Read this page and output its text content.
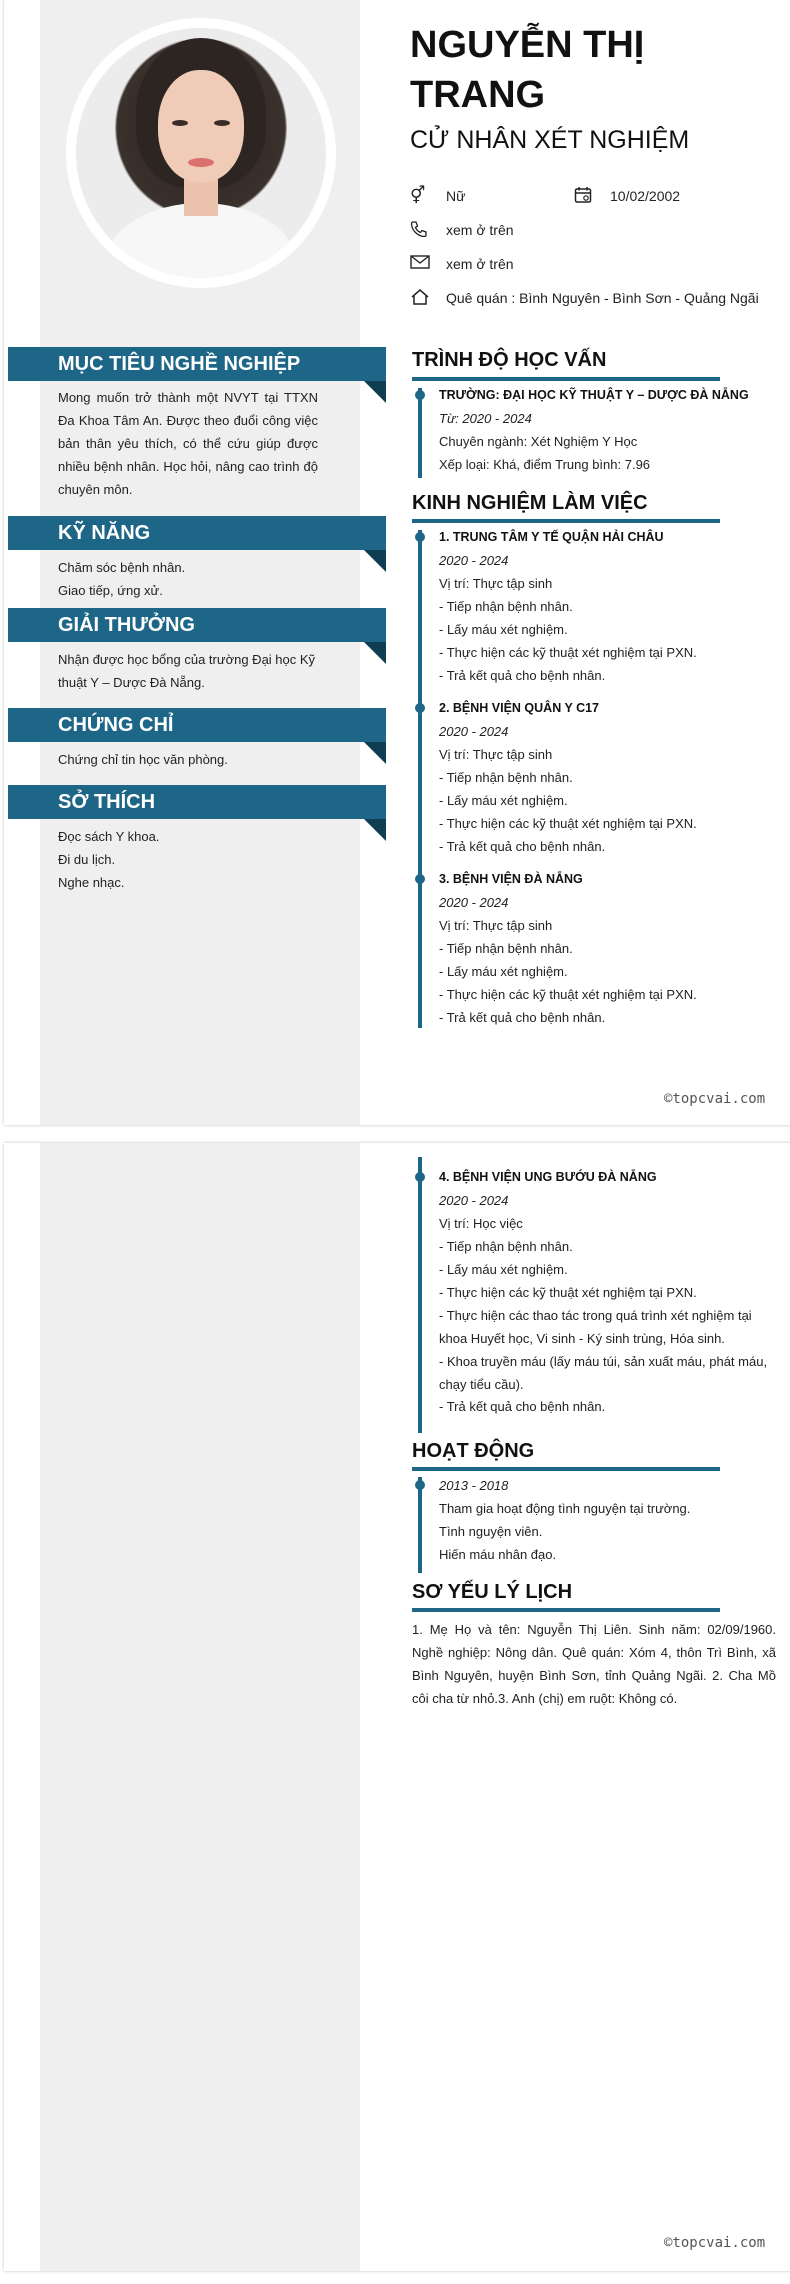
NGUYỄN THỊ TRANG
CỬ NHÂN XÉT NGHIỆM
⚥	Nữ	10/02/2002
xem ở trên
xem ở trên
Quê quán : Bình Nguyên - Bình Sơn - Quảng Ngãi
MỤC TIÊU NGHỀ NGHIỆP
Mong muốn trở thành một NVYT tại TTXN Đa Khoa Tâm An. Được theo đuổi công việc bản thân yêu thích, có thể cứu giúp được nhiều bệnh nhân. Học hỏi, nâng cao trình độ chuyên môn.
KỸ NĂNG
Chăm sóc bệnh nhân.
Giao tiếp, ứng xử.
GIẢI THƯỞNG
Nhận được học bổng của trường Đại học Kỹ thuật Y – Dược Đà Nẵng.
CHỨNG CHỈ
Chứng chỉ tin học văn phòng.
SỞ THÍCH
Đọc sách Y khoa.
Đi du lịch.
Nghe nhạc.
TRÌNH ĐỘ HỌC VẤN
TRƯỜNG: ĐẠI HỌC KỸ THUẬT Y – DƯỢC ĐÀ NẴNG
Từ: 2020 - 2024
Chuyên ngành: Xét Nghiệm Y Học
Xếp loại: Khá, điểm Trung bình: 7.96
KINH NGHIỆM LÀM VIỆC
1. TRUNG TÂM Y TẾ QUẬN HẢI CHÂU
2020 - 2024
Vị trí: Thực tập sinh
- Tiếp nhận bệnh nhân.
- Lấy máu xét nghiệm.
- Thực hiện các kỹ thuật xét nghiệm tại PXN.
- Trả kết quả cho bệnh nhân.
2. BỆNH VIỆN QUÂN Y C17
2020 - 2024
Vị trí: Thực tập sinh
- Tiếp nhận bệnh nhân.
- Lấy máu xét nghiệm.
- Thực hiện các kỹ thuật xét nghiệm tại PXN.
- Trả kết quả cho bệnh nhân.
3. BỆNH VIỆN ĐÀ NẴNG
2020 - 2024
Vị trí: Thực tập sinh
- Tiếp nhận bệnh nhân.
- Lấy máu xét nghiệm.
- Thực hiện các kỹ thuật xét nghiệm tại PXN.
- Trả kết quả cho bệnh nhân.
©topcvai.com
4. BỆNH VIỆN UNG BƯỚU ĐÀ NẴNG
2020 - 2024
Vị trí: Học việc
- Tiếp nhận bệnh nhân.
- Lấy máu xét nghiệm.
- Thực hiện các kỹ thuật xét nghiệm tại PXN.
- Thực hiện các thao tác trong quá trình xét nghiệm tại khoa Huyết học, Vi sinh - Ký sinh trùng, Hóa sinh.
- Khoa truyền máu (lấy máu túi, sản xuất máu, phát máu, chạy tiểu cầu).
- Trả kết quả cho bệnh nhân.
HOẠT ĐỘNG
2013 - 2018
Tham gia hoạt động tình nguyện tại trường.
Tình nguyện viên.
Hiến máu nhân đạo.
SƠ YẾU LÝ LỊCH
1. Mẹ Họ và tên: Nguyễn Thị Liên. Sinh năm: 02/09/1960. Nghề nghiệp: Nông dân. Quê quán: Xóm 4, thôn Trì Bình, xã Bình Nguyên, huyện Bình Sơn, tỉnh Quảng Ngãi. 2. Cha Mồ côi cha từ nhỏ.3. Anh (chị) em ruột: Không có.
©topcvai.com
